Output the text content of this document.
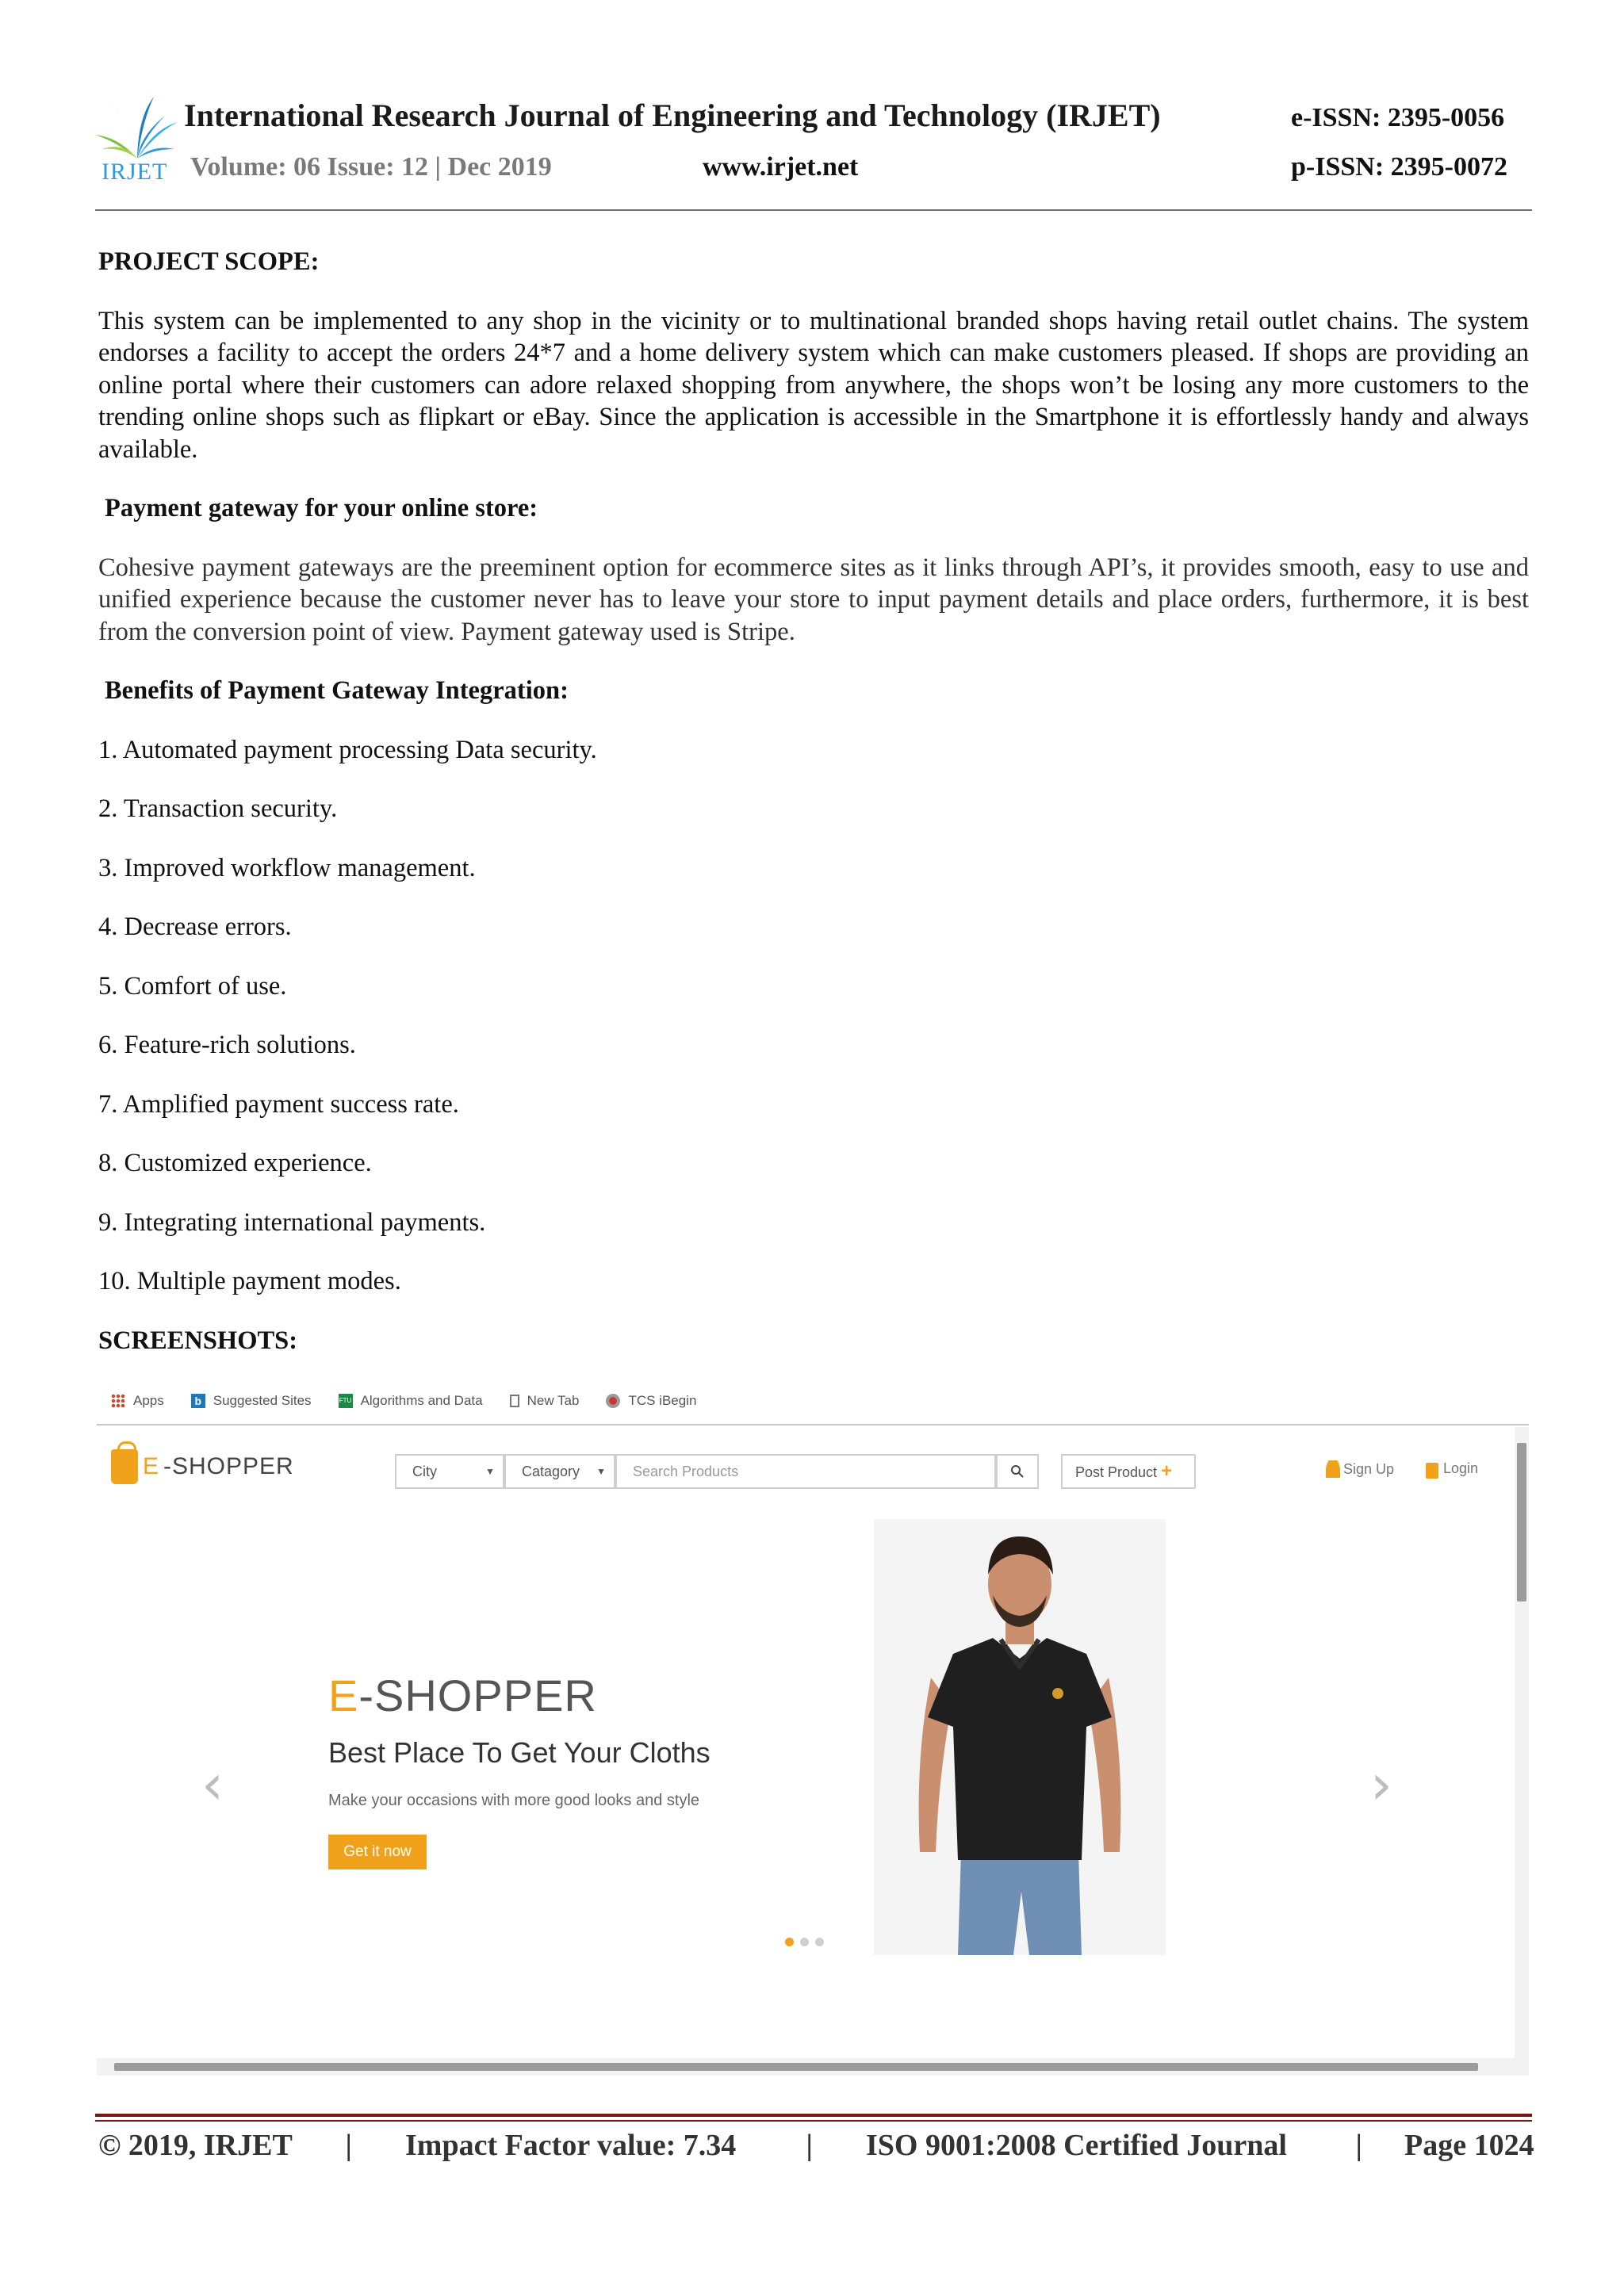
IRJET
International Research Journal of Engineering and Technology (IRJET)	e-ISSN: 2395-0056
Volume: 06 Issue: 12 | Dec 2019	www.irjet.net	p-ISSN: 2395-0072

PROJECT SCOPE:

This system can be implemented to any shop in the vicinity or to multinational branded shops having retail outlet chains. The system endorses a facility to accept the orders 24*7 and a home delivery system which can make customers pleased. If shops are providing an online portal where their customers can adore relaxed shopping from anywhere, the shops won’t be losing any more customers to the trending online shops such as flipkart or eBay. Since the application is accessible in the Smartphone it is effortlessly handy and always available.

Payment gateway for your online store:

Cohesive payment gateways are the preeminent option for ecommerce sites as it links through API’s, it provides smooth, easy to use and unified experience because the customer never has to leave your store to input payment details and place orders, furthermore, it is best from the conversion point of view. Payment gateway used is Stripe.

Benefits of Payment Gateway Integration:

1. Automated payment processing Data security.

2. Transaction security.

3. Improved workflow management.

4. Decrease errors.

5. Comfort of use.

6. Feature-rich solutions.

7. Amplified payment success rate.

8. Customized experience.

9. Integrating international payments.

10. Multiple payment modes.

SCREENSHOTS:

Apps	b Suggested Sites	FTU Algorithms and Data	New Tab	TCS iBegin
E -SHOPPER	City	▼	Catagory ▼	Search Products	Post Product +	Sign Up	Login
‹
E-SHOPPER
Best Place To Get Your Cloths
Make your occasions with more good looks and style
Get it now
›
© 2019, IRJET | Impact Factor value: 7.34 | ISO 9001:2008 Certified Journal | Page 1024
